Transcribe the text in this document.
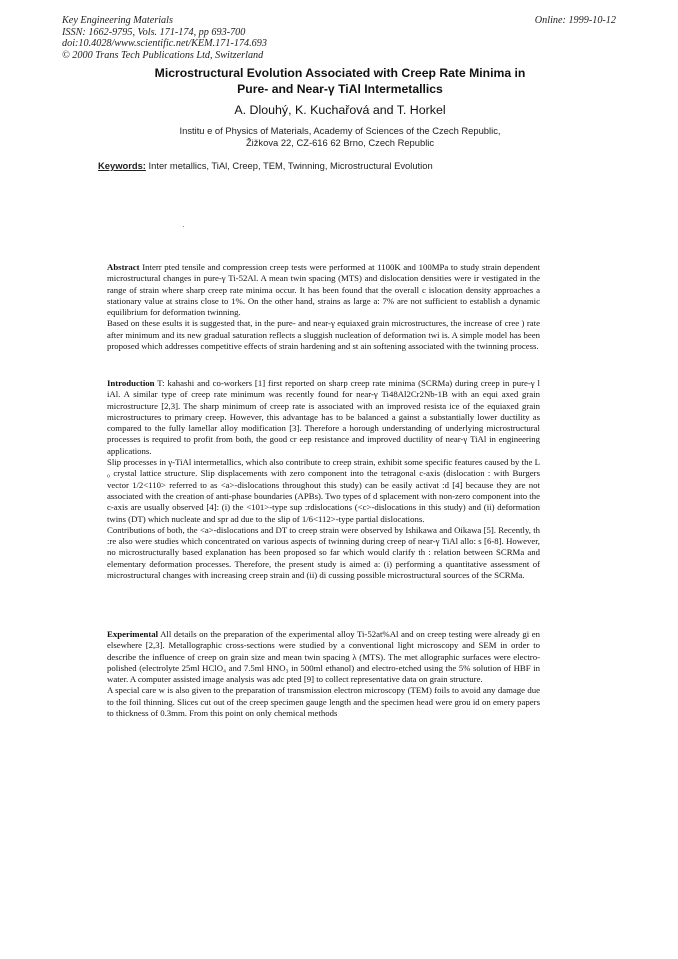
Key Engineering Materials
ISSN: 1662-9795, Vols. 171-174, pp 693-700
doi:10.4028/www.scientific.net/KEM.171-174.693
© 2000 Trans Tech Publications Ltd, Switzerland
Online: 1999-10-12
Microstructural Evolution Associated with Creep Rate Minima in
Pure- and Near-γ TiAl Intermetallics
A. Dlouhý, K. Kuchařová and T. Horkel
Institu e of Physics of Materials, Academy of Sciences of the Czech Republic,
Žižkova 22, CZ-616 62 Brno, Czech Republic
Keywords: Inter metallics, TiAl, Creep, TEM, Twinning, Microstructural Evolution

Abstract Interr pted tensile and compression creep tests were performed at 1100K and 100MPa to study strain dependent microstructural changes in pure-γ Ti-52Al. A mean twin spacing (MTS) and dislocation densities were ir vestigated in the range of strain where sharp creep rate minima occur. It has been found that the overall c islocation density approaches a stationary value at strains close to 1%. On the other hand, strains as large a: 7% are not sufficient to establish a dynamic equilibrium for deformation twinning.

Based on these esults it is suggested that, in the pure- and near-γ equiaxed grain microstructures, the increase of cree ) rate after minimum and its new gradual saturation reflects a sluggish nucleation of deformation twi is. A simple model has been proposed which addresses competitive effects of strain hardening and st ain softening associated with the twinning process.

Introduction T: kahashi and co-workers [1] first reported on sharp creep rate minima (SCRMa) during creep in pure-γ l iAl. A similar type of creep rate minimum was recently found for near-γ Ti48Al2Cr2Nb-1B with an equi axed grain microstructure [2,3]. The sharp minimum of creep rate is associated with an improved resista ice of the equiaxed grain microstructures to primary creep. However, this advantage has to be balanced a gainst a substantially lower ductility as compared to the fully lamellar alloy modification [3]. Therefore a horough understanding of underlying microstructural processes is required to profit from both, the good cr eep resistance and improved ductility of near-γ TiAl in engineering applications.

Slip processes in γ-TiAl intermetallics, which also contribute to creep strain, exhibit some specific features caused by the L ₀ crystal lattice structure. Slip displacements with zero component into the tetragonal c-axis (dislocation : with Burgers vector 1/2<110> referred to as <a>-dislocations throughout this study) can be easily activat :d [4] because they are not associated with the creation of anti-phase boundaries (APBs). Two types of d splacement with non-zero component into the c-axis are usually observed [4]: (i) the <101>-type sup :rdislocations (<c>-dislocations in this study) and (ii) deformation twins (DT) which nucleate and spr ad due to the slip of 1/6<112>-type partial dislocations.

Contributions of both, the <a>-dislocations and DT to creep strain were observed by Ishikawa and Oikawa [5]. Recently, th :re also were studies which concentrated on various aspects of twinning during creep of near-γ TiAl allo: s [6-8]. However, no microstructurally based explanation has been proposed so far which would clarify th : relation between SCRMa and elementary deformation processes. Therefore, the present study is aimed a: (i) performing a quantitative assessment of microstructural changes with increasing creep strain and (ii) di cussing possible microstructural sources of the SCRMa.

Experimental All details on the preparation of the experimental alloy Ti-52at%Al and on creep testing were already gi en elsewhere [2,3]. Metallographic cross-sections were studied by a conventional light microscopy and SEM in order to describe the influence of creep on grain size and mean twin spacing λ (MTS). The met allographic surfaces were electro-polished (electrolyte 25ml HClO₄ and 7.5ml HNO₃ in 500ml ethanol) and electro-etched using the 5% solution of HBF in water. A computer assisted image analysis was adc pted [9] to collect representative data on grain structure.

A special care w is also given to the preparation of transmission electron microscopy (TEM) foils to avoid any damage due to the foil thinning. Slices cut out of the creep specimen gauge length and the specimen head were grou id on emery papers to thickness of 0.3mm. From this point on only chemical methods
